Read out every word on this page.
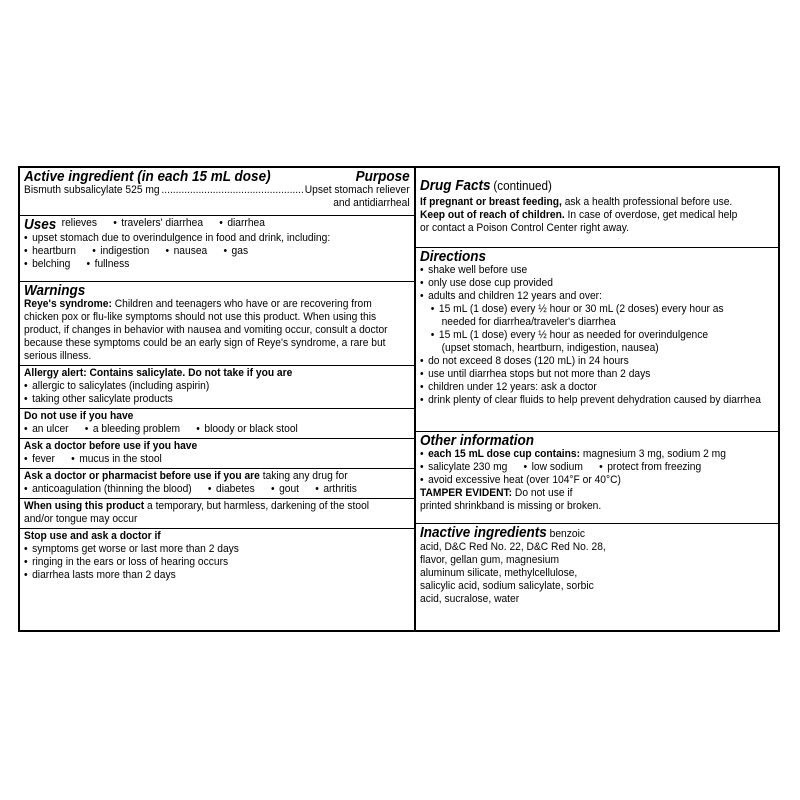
Active ingredient (in each 15 mL dose)	Purpose
Bismuth subsalicylate 525 mg .....	Upset stomach reliever
and antidiarrheal
Uses relieves	• travelers' diarrhea	• diarrhea
• upset stomach due to overindulgence in food and drink, including:
• heartburn	• indigestion	• nausea	• gas
• belching	• fullness
Warnings
Reye's syndrome: Children and teenagers who have or are recovering from
chicken pox or flu-like symptoms should not use this product. When using this
product, if changes in behavior with nausea and vomiting occur, consult a doctor
because these symptoms could be an early sign of Reye's syndrome, a rare but
serious illness.
Allergy alert: Contains salicylate. Do not take if you are
• allergic to salicylates (including aspirin)
• taking other salicylate products
Do not use if you have
• an ulcer	• a bleeding problem	• bloody or black stool
Ask a doctor before use if you have
• fever	• mucus in the stool
Ask a doctor or pharmacist before use if you are taking any drug for
• anticoagulation (thinning the blood)	• diabetes	• gout	• arthritis
When using this product a temporary, but harmless, darkening of the stool
and/or tongue may occur
Stop use and ask a doctor if
• symptoms get worse or last more than 2 days
• ringing in the ears or loss of hearing occurs
• diarrhea lasts more than 2 days
Drug Facts (continued)
If pregnant or breast feeding, ask a health professional before use.
Keep out of reach of children. In case of overdose, get medical help
or contact a Poison Control Center right away.
Directions
• shake well before use
• only use dose cup provided
• adults and children 12 years and over:
• 15 mL (1 dose) every ½ hour or 30 mL (2 doses) every hour as
needed for diarrhea/traveler's diarrhea
• 15 mL (1 dose) every ½ hour as needed for overindulgence
(upset stomach, heartburn, indigestion, nausea)
• do not exceed 8 doses (120 mL) in 24 hours
• use until diarrhea stops but not more than 2 days
• children under 12 years: ask a doctor
• drink plenty of clear fluids to help prevent dehydration caused by diarrhea
Other information
• each 15 mL dose cup contains: magnesium 3 mg, sodium 2 mg
• salicylate 230 mg	• low sodium	• protect from freezing
• avoid excessive heat (over 104°F or 40°C)
TAMPER EVIDENT: Do not use if
printed shrinkband is missing or broken.
Inactive ingredients benzoic
acid, D&C Red No. 22, D&C Red No. 28,
flavor, gellan gum, magnesium
aluminum silicate, methylcellulose,
salicylic acid, sodium salicylate, sorbic
acid, sucralose, water
